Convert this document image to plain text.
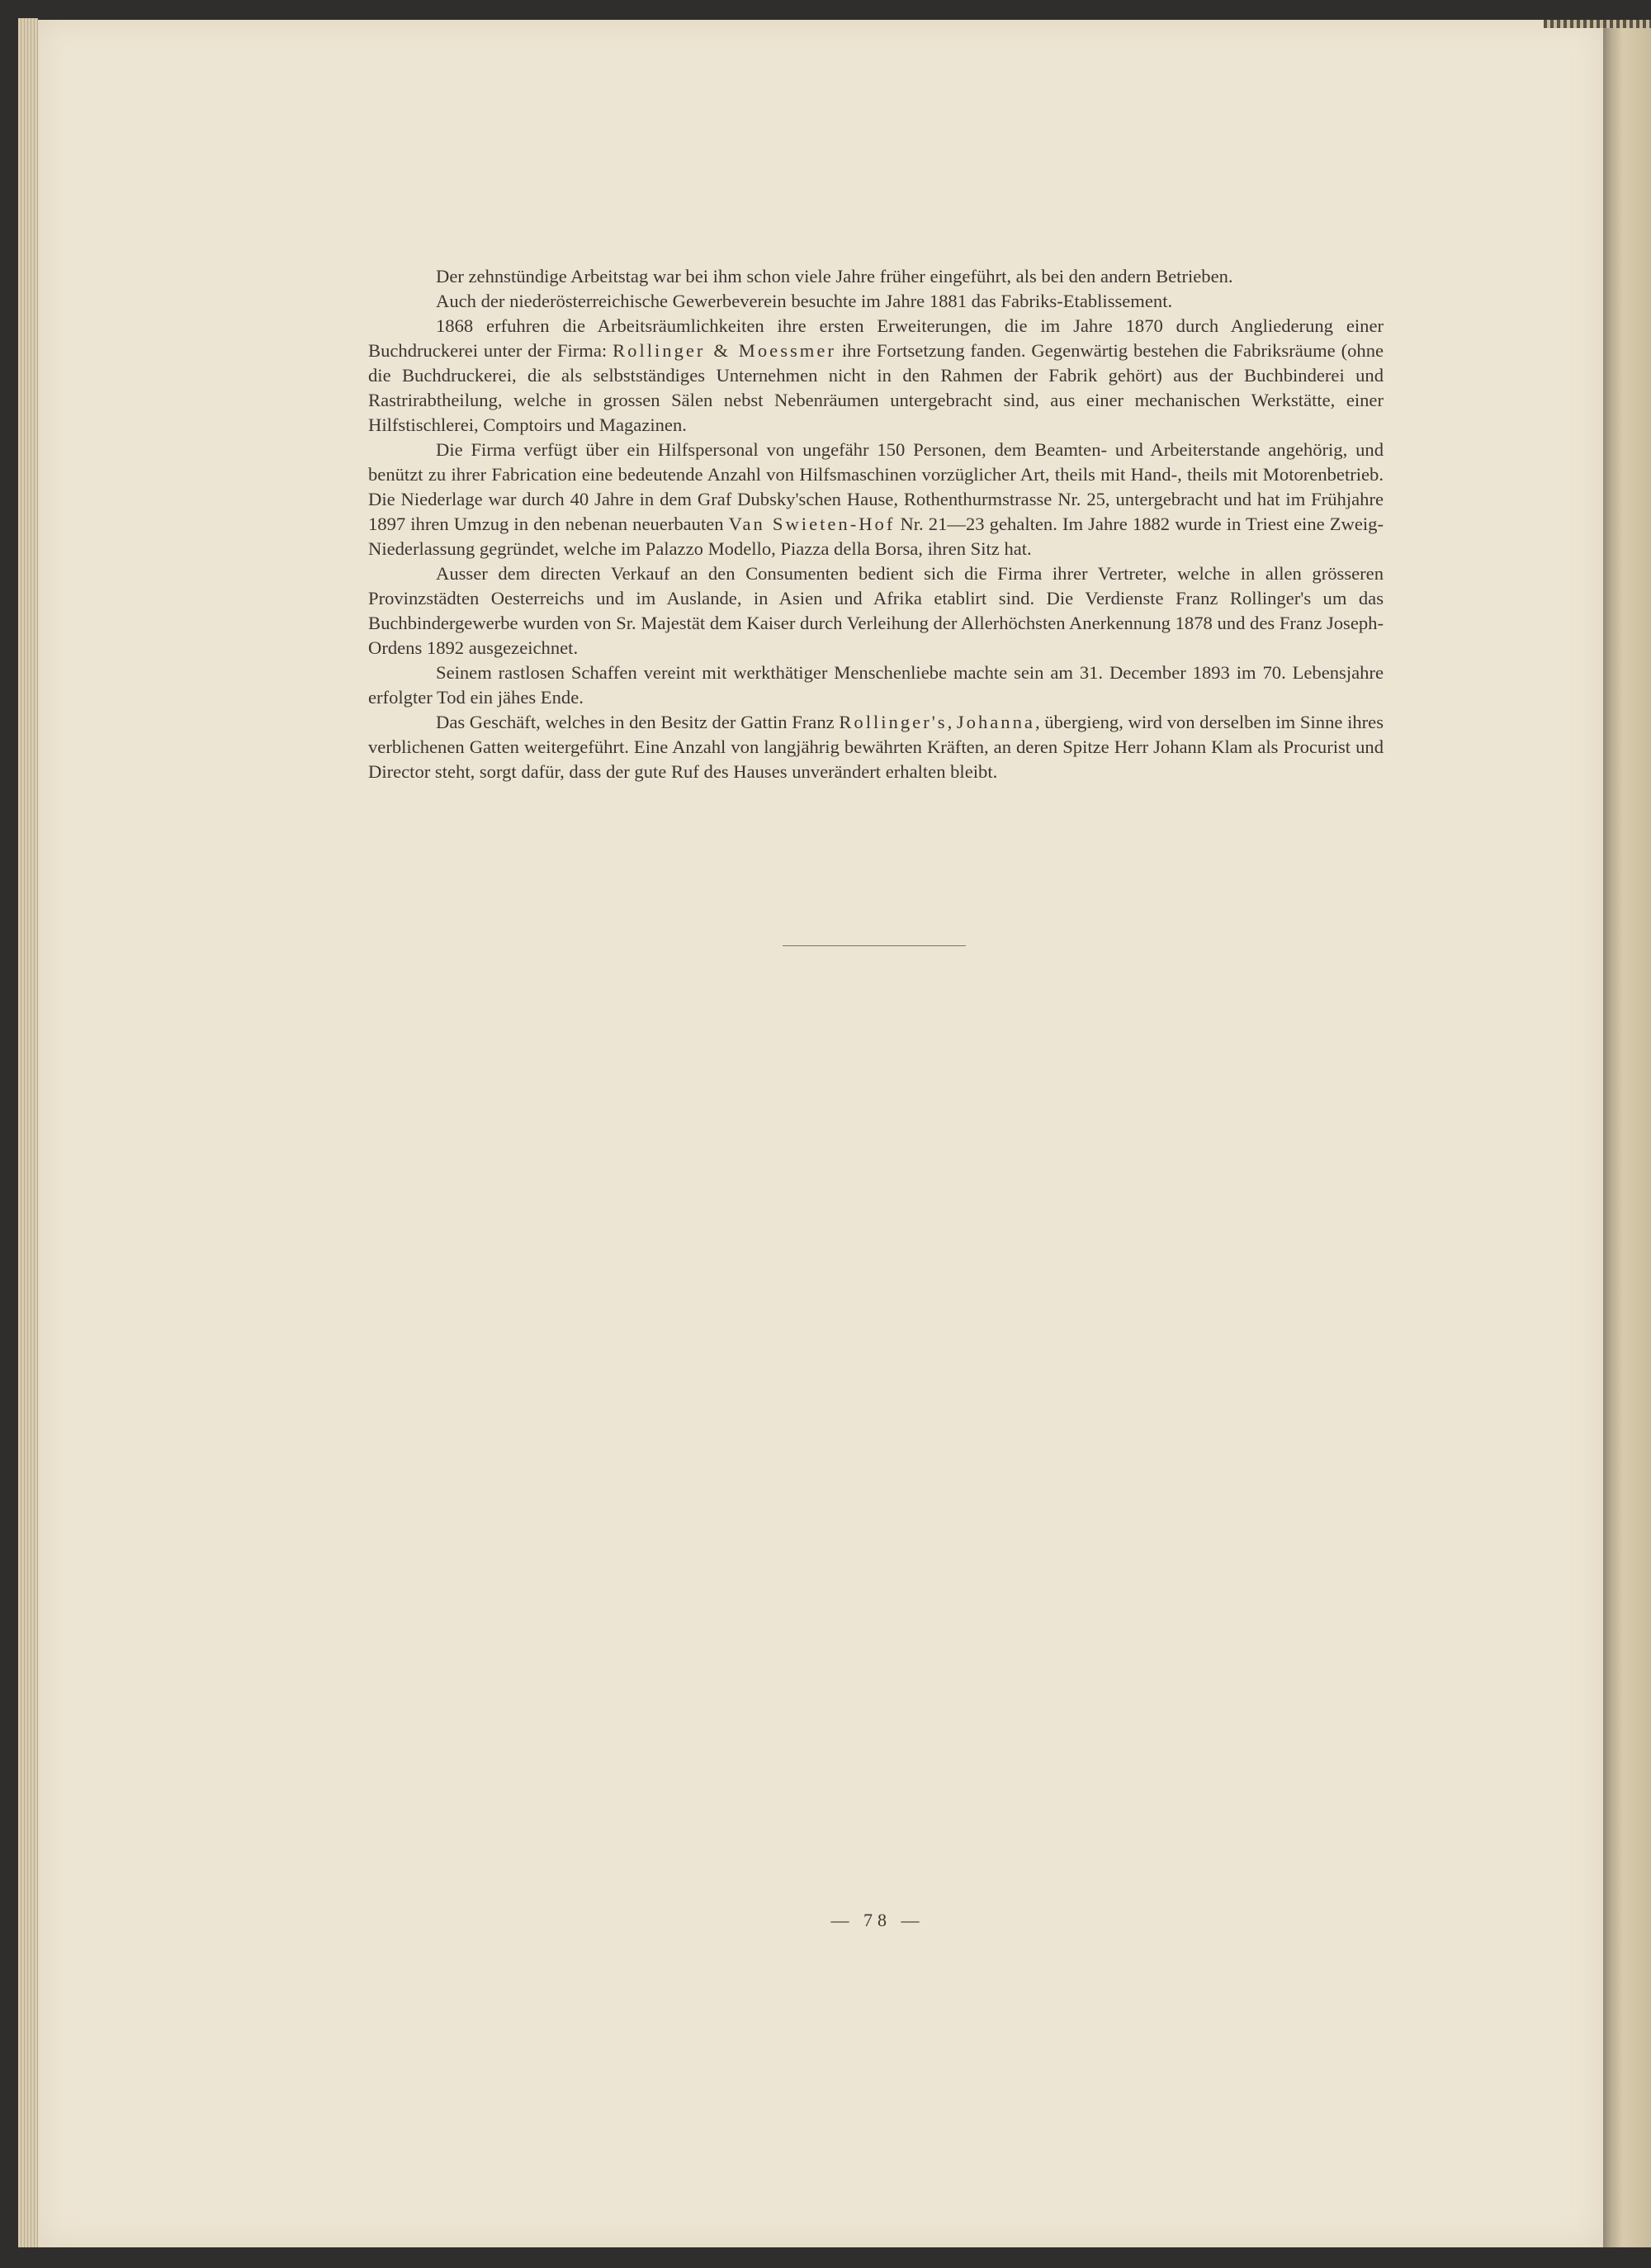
Der zehnstündige Arbeitstag war bei ihm schon viele Jahre früher eingeführt, als bei den andern Betrieben.

Auch der niederösterreichische Gewerbeverein besuchte im Jahre 1881 das Fabriks-Etablissement.

1868 erfuhren die Arbeitsräumlichkeiten ihre ersten Erweiterungen, die im Jahre 1870 durch Angliederung einer Buchdruckerei unter der Firma: Rollinger & Moessmer ihre Fortsetzung fanden. Gegenwärtig bestehen die Fabriksräume (ohne die Buchdruckerei, die als selbstständiges Unternehmen nicht in den Rahmen der Fabrik gehört) aus der Buchbinderei und Rastrirabtheilung, welche in grossen Sälen nebst Nebenräumen untergebracht sind, aus einer mechanischen Werkstätte, einer Hilfstischlerei, Comptoirs und Magazinen.

Die Firma verfügt über ein Hilfspersonal von ungefähr 150 Personen, dem Beamten- und Arbeiterstande angehörig, und benützt zu ihrer Fabrication eine bedeutende Anzahl von Hilfsmaschinen vorzüglicher Art, theils mit Hand-, theils mit Motorenbetrieb. Die Niederlage war durch 40 Jahre in dem Graf Dubsky'schen Hause, Rothenthurmstrasse Nr. 25, untergebracht und hat im Frühjahre 1897 ihren Umzug in den nebenan neuerbauten Van Swieten-Hof Nr. 21—23 gehalten. Im Jahre 1882 wurde in Triest eine Zweig-Niederlassung gegründet, welche im Palazzo Modello, Piazza della Borsa, ihren Sitz hat.

Ausser dem directen Verkauf an den Consumenten bedient sich die Firma ihrer Vertreter, welche in allen grösseren Provinzstädten Oesterreichs und im Auslande, in Asien und Afrika etablirt sind. Die Verdienste Franz Rollinger's um das Buchbindergewerbe wurden von Sr. Majestät dem Kaiser durch Verleihung der Allerhöchsten Anerkennung 1878 und des Franz Joseph-Ordens 1892 ausgezeichnet.

Seinem rastlosen Schaffen vereint mit werkthätiger Menschenliebe machte sein am 31. December 1893 im 70. Lebensjahre erfolgter Tod ein jähes Ende.

Das Geschäft, welches in den Besitz der Gattin Franz Rollinger's, Johanna, übergieng, wird von derselben im Sinne ihres verblichenen Gatten weitergeführt. Eine Anzahl von langjährig bewährten Kräften, an deren Spitze Herr Johann Klam als Procurist und Director steht, sorgt dafür, dass der gute Ruf des Hauses unverändert erhalten bleibt.

— 78 —
